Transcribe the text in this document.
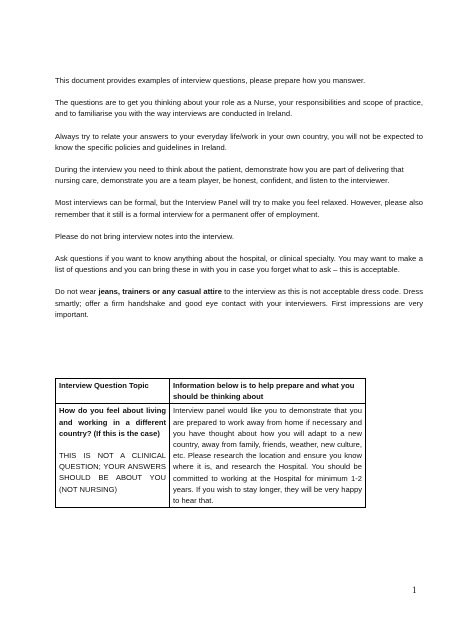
This document provides examples of interview questions, please prepare how you manswer.

The questions are to get you thinking about your role as a Nurse, your responsibilities and scope of practice, and to familiarise you with the way interviews are conducted in Ireland.

Always try to relate your answers to your everyday life/work in your own country, you will not be expected to know the specific policies and guidelines in Ireland.

During the interview you need to think about the patient, demonstrate how you are part of delivering that nursing care, demonstrate you are a team player, be honest, confident, and listen to the interviewer.

Most interviews can be formal, but the Interview Panel will try to make you feel relaxed. However, please also remember that it still is a formal interview for a permanent offer of employment.

Please do not bring interview notes into the interview.

Ask questions if you want to know anything about the hospital, or clinical specialty. You may want to make a list of questions and you can bring these in with you in case you forget what to ask – this is acceptable.

Do not wear jeans, trainers or any casual attire to the interview as this is not acceptable dress code. Dress smartly; offer a firm handshake and good eye contact with your interviewers. First impressions are very important.

Interview Question Topic	Information below is to help prepare and what you should be thinking about

How do you feel about living and working in a different country? (If this is the case)
THIS IS NOT A CLINICAL QUESTION; YOUR ANSWERS SHOULD BE ABOUT YOU (NOT NURSING)	Interview panel would like you to demonstrate that you are prepared to work away from home if necessary and you have thought about how you will adapt to a new country, away from family, friends, weather, new culture, etc. Please research the location and ensure you know where it is, and research the Hospital. You should be committed to working at the Hospital for minimum 1-2 years. If you wish to stay longer, they will be very happy to hear that.
1
